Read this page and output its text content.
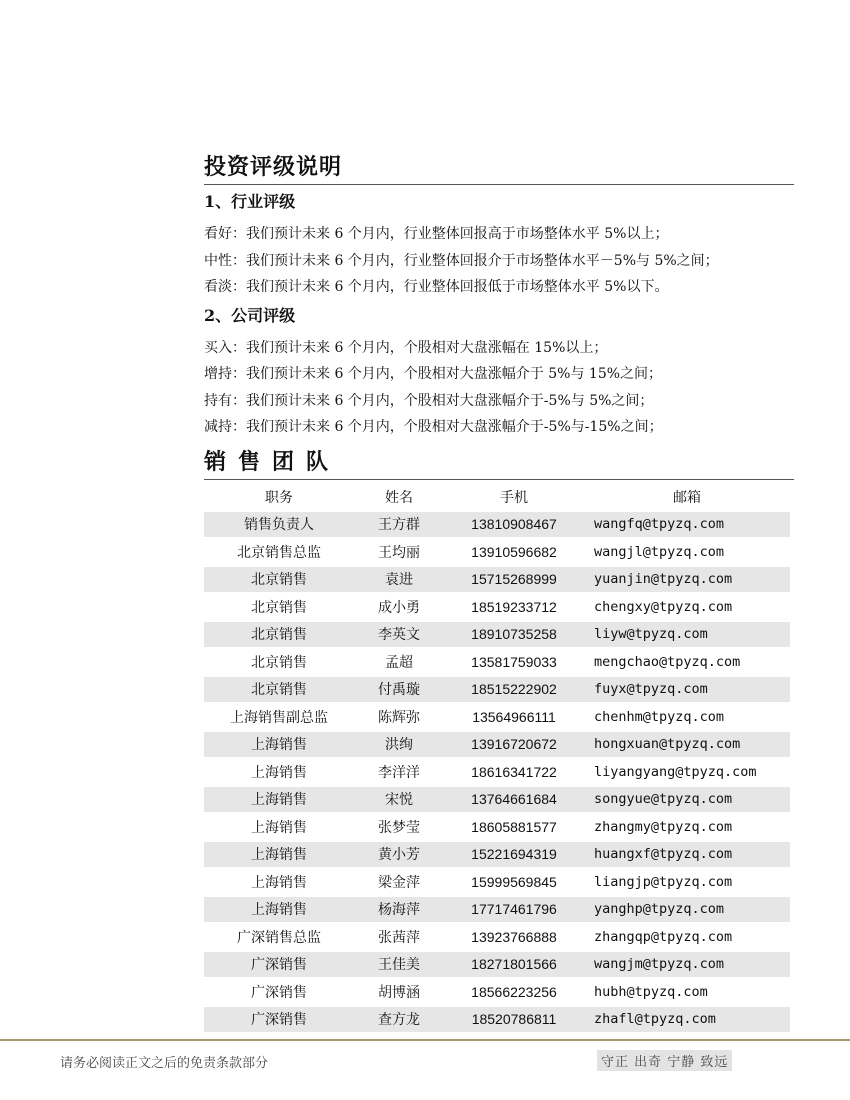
投资评级说明
1、行业评级
看好：我们预计未来 6 个月内，行业整体回报高于市场整体水平 5%以上；
中性：我们预计未来 6 个月内，行业整体回报介于市场整体水平－5%与 5%之间；
看淡：我们预计未来 6 个月内，行业整体回报低于市场整体水平 5%以下。
2、公司评级
买入：我们预计未来 6 个月内，个股相对大盘涨幅在 15%以上；
增持：我们预计未来 6 个月内，个股相对大盘涨幅介于 5%与 15%之间；
持有：我们预计未来 6 个月内，个股相对大盘涨幅介于-5%与 5%之间；
减持：我们预计未来 6 个月内，个股相对大盘涨幅介于-5%与-15%之间；
销售团队
职务	姓名	手机	邮箱
销售负责人	王方群	13810908467	wangfq@tpyzq.com
北京销售总监	王均丽	13910596682	wangjl@tpyzq.com
北京销售	袁进	15715268999	yuanjin@tpyzq.com
北京销售	成小勇	18519233712	chengxy@tpyzq.com
北京销售	李英文	18910735258	liyw@tpyzq.com
北京销售	孟超	13581759033	mengchao@tpyzq.com
北京销售	付禹璇	18515222902	fuyx@tpyzq.com
上海销售副总监	陈辉弥	13564966111	chenhm@tpyzq.com
上海销售	洪绚	13916720672	hongxuan@tpyzq.com
上海销售	李洋洋	18616341722	liyangyang@tpyzq.com
上海销售	宋悦	13764661684	songyue@tpyzq.com
上海销售	张梦莹	18605881577	zhangmy@tpyzq.com
上海销售	黄小芳	15221694319	huangxf@tpyzq.com
上海销售	梁金萍	15999569845	liangjp@tpyzq.com
上海销售	杨海萍	17717461796	yanghp@tpyzq.com
广深销售总监	张茜萍	13923766888	zhangqp@tpyzq.com
广深销售	王佳美	18271801566	wangjm@tpyzq.com
广深销售	胡博涵	18566223256	hubh@tpyzq.com
广深销售	查方龙	18520786811	zhafl@tpyzq.com
请务必阅读正文之后的免责条款部分	守正 出奇 宁静 致远
